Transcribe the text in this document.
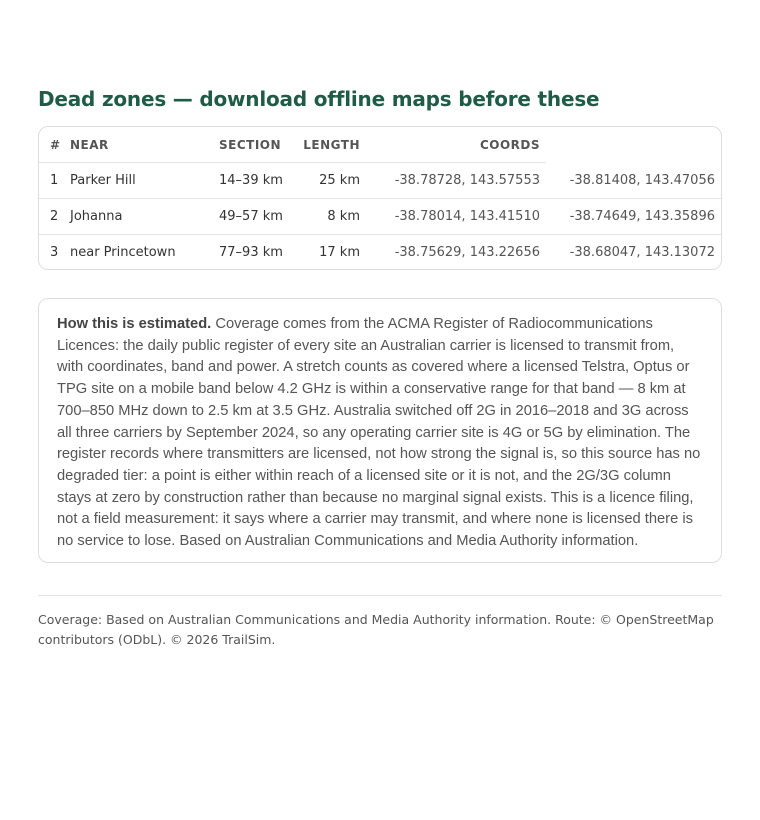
Dead zones — download offline maps before these
#	NEAR	SECTION	LENGTH	COORDS	
1	Parker Hill	14–39 km	25 km	-38.78728, 143.57553	-38.81408, 143.47056
2	Johanna	49–57 km	8 km	-38.78014, 143.41510	-38.74649, 143.35896
3	near Princetown	77–93 km	17 km	-38.75629, 143.22656	-38.68047, 143.13072
How this is estimated. Coverage comes from the ACMA Register of Radiocommunications Licences: the daily public register of every site an Australian carrier is licensed to transmit from, with coordinates, band and power. A stretch counts as covered where a licensed Telstra, Optus or TPG site on a mobile band below 4.2 GHz is within a conservative range for that band — 8 km at 700–850 MHz down to 2.5 km at 3.5 GHz. Australia switched off 2G in 2016–2018 and 3G across all three carriers by September 2024, so any operating carrier site is 4G or 5G by elimination. The register records where transmitters are licensed, not how strong the signal is, so this source has no degraded tier: a point is either within reach of a licensed site or it is not, and the 2G/3G column stays at zero by construction rather than because no marginal signal exists. This is a licence filing, not a field measurement: it says where a carrier may transmit, and where none is licensed there is no service to lose. Based on Australian Communications and Media Authority information.

Coverage: Based on Australian Communications and Media Authority information. Route: © OpenStreetMap contributors (ODbL). © 2026 TrailSim.
